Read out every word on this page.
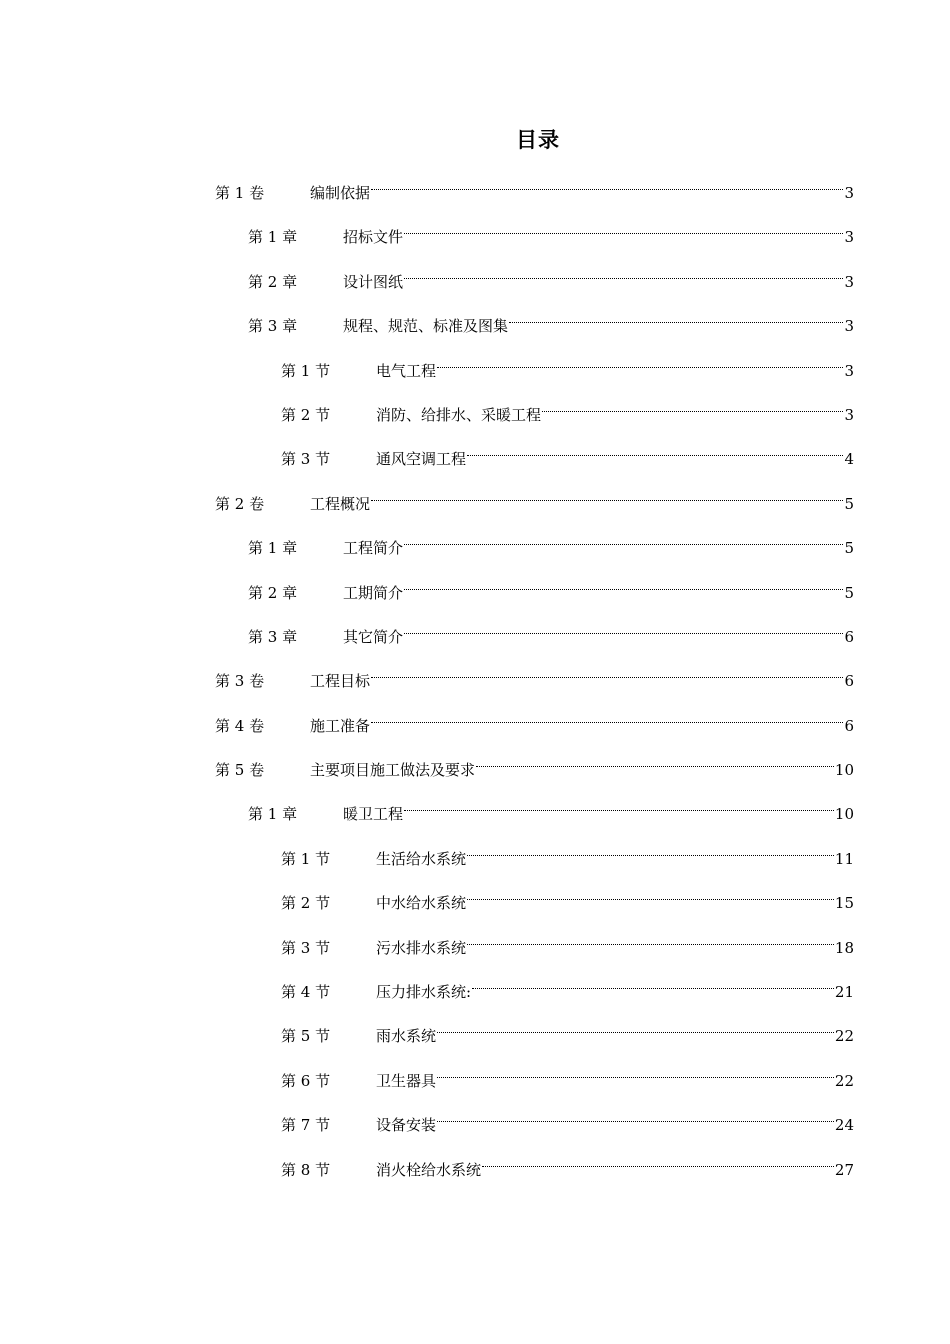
目录
第 1 卷	编制依据	3
第 1 章	招标文件	3
第 2 章	设计图纸	3
第 3 章	规程、规范、标准及图集	3
第 1 节	电气工程	3
第 2 节	消防、给排水、采暖工程	3
第 3 节	通风空调工程	4
第 2 卷	工程概况	5
第 1 章	工程简介	5
第 2 章	工期简介	5
第 3 章	其它简介	6
第 3 卷	工程目标	6
第 4 卷	施工准备	6
第 5 卷	主要项目施工做法及要求	10
第 1 章	暖卫工程	10
第 1 节	生活给水系统	11
第 2 节	中水给水系统	15
第 3 节	污水排水系统	18
第 4 节	压力排水系统:	21
第 5 节	雨水系统	22
第 6 节	卫生器具	22
第 7 节	设备安装	24
第 8 节	消火栓给水系统	27
